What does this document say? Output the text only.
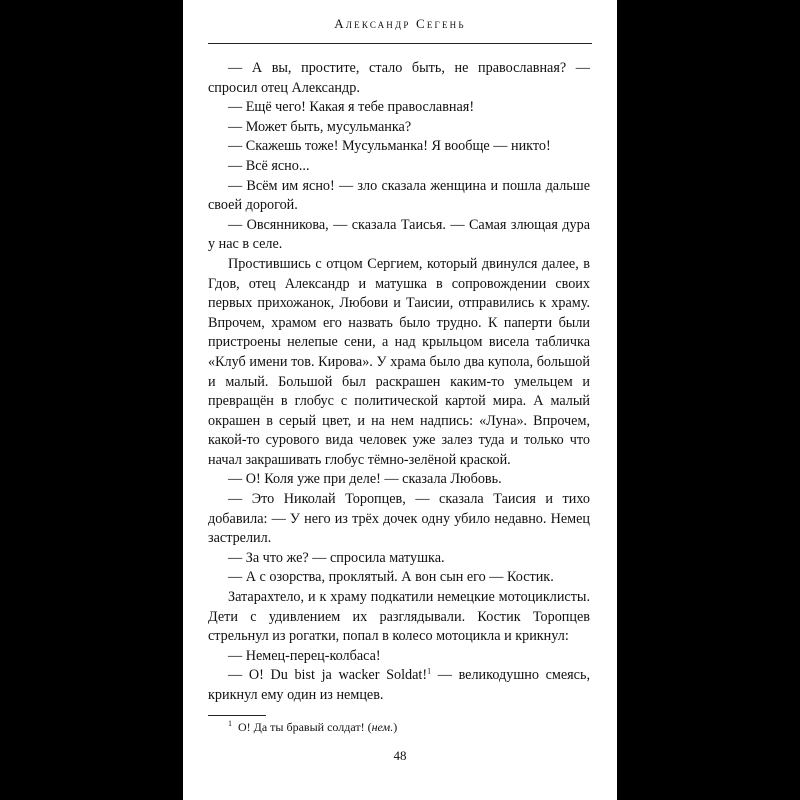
Александр Сегень

— А вы, простите, стало быть, не православная? — спросил отец Александр.

— Ещё чего! Какая я тебе православная!

— Может быть, мусульманка?

— Скажешь тоже! Мусульманка! Я вообще — никто!

— Всё ясно...

— Всём им ясно! — зло сказала женщина и пошла дальше своей дорогой.

— Овсянникова, — сказала Таисья. — Самая злющая дура у нас в селе.

Простившись с отцом Сергием, который двинулся далее, в Гдов, отец Александр и матушка в сопровождении своих первых прихожанок, Любови и Таисии, отправились к храму. Впрочем, храмом его назвать было трудно. К паперти были пристроены нелепые сени, а над крыльцом висела табличка «Клуб имени тов. Кирова». У храма было два купола, большой и малый. Большой был раскрашен каким-то умельцем и превращён в глобус с политической картой мира. А малый окрашен в серый цвет, и на нем надпись: «Луна». Впрочем, какой-то сурового вида человек уже залез туда и только что начал закрашивать глобус тёмно-зелёной краской.

— О! Коля уже при деле! — сказала Любовь.

— Это Николай Торопцев, — сказала Таисия и тихо добавила: — У него из трёх дочек одну убило недавно. Немец застрелил.

— За что же? — спросила матушка.

— А с озорства, проклятый. А вон сын его — Костик.

Затарахтело, и к храму подкатили немецкие мотоциклисты. Дети с удивлением их разглядывали. Костик Торопцев стрельнул из рогатки, попал в колесо мотоцикла и крикнул:

— Немец-перец-колбаса!

— O! Du bist ja wacker Soldat!$^1$ — великодушно смеясь, крикнул ему один из немцев.

$^1$ О! Да ты бравый солдат! (нем.)
48
